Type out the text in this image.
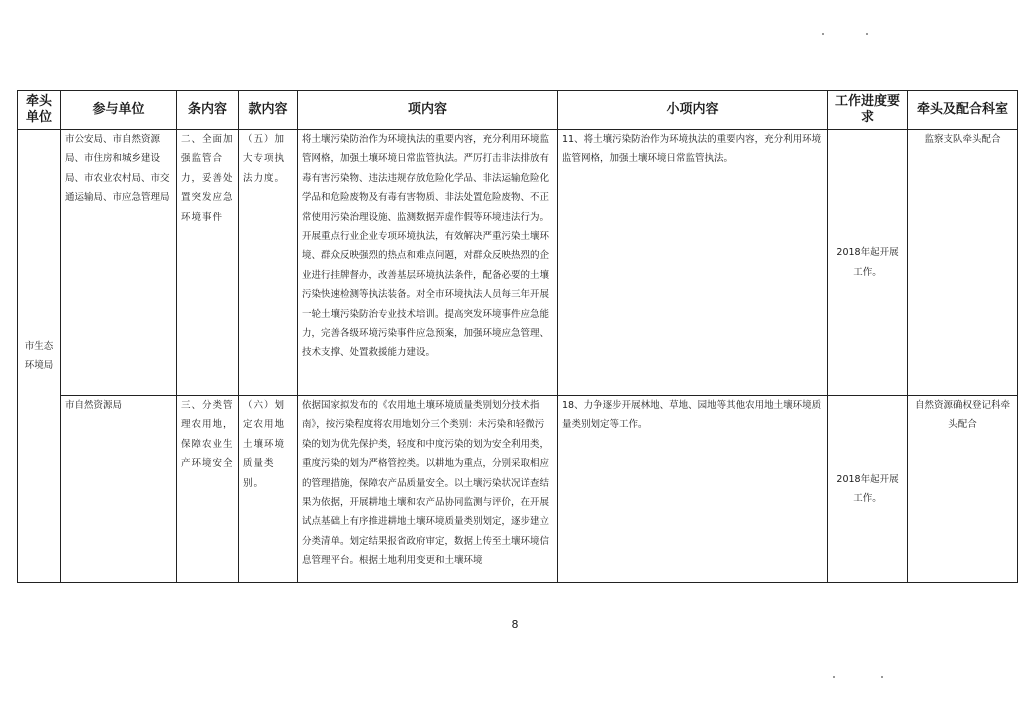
牵头单位	参与单位	条内容	款内容	项内容	小项内容	工作进度要求	牵头及配合科室
市生态环境局	市公安局、市自然资源局、市住房和城乡建设局、市农业农村局、市交通运输局、市应急管理局	二、全面加强监管合力，妥善处置突发应急环境事件	（五）加大专项执法力度。	将土壤污染防治作为环境执法的重要内容，充分利用环境监管网格，加强土壤环境日常监管执法。严厉打击非法排放有毒有害污染物、违法违规存放危险化学品、非法运输危险化学品和危险废物及有毒有害物质、非法处置危险废物、不正常使用污染治理设施、监测数据弄虚作假等环境违法行为。开展重点行业企业专项环境执法，有效解决严重污染土壤环境、群众反映强烈的热点和难点问题，对群众反映热烈的企业进行挂牌督办，改善基层环境执法条件，配备必要的土壤污染快速检测等执法装备。对全市环境执法人员每三年开展一轮土壤污染防治专业技术培训。提高突发环境事件应急能力，完善各级环境污染事件应急预案，加强环境应急管理、技术支撑、处置救援能力建设。	11、将土壤污染防治作为环境执法的重要内容，充分利用环境监管网格，加强土壤环境日常监管执法。	2018年起开展工作。	监察支队牵头配合
	市自然资源局	三、分类管理农用地，保障农业生产环境安全	（六）划定农用地土壤环境质量类别。	依据国家拟发布的《农用地土壤环境质量类别划分技术指南》，按污染程度将农用地划分三个类别：未污染和轻微污染的划为优先保护类，轻度和中度污染的划为安全利用类，重度污染的划为严格管控类。以耕地为重点，分别采取相应的管理措施，保障农产品质量安全。以土壤污染状况详查结果为依据，开展耕地土壤和农产品协同监测与评价，在开展试点基础上有序推进耕地土壤环境质量类别划定，逐步建立分类清单。划定结果报省政府审定，数据上传至土壤环境信息管理平台。根据土地利用变更和土壤环境	18、力争逐步开展林地、草地、园地等其他农用地土壤环境质量类别划定等工作。	2018年起开展工作。	自然资源确权登记科牵头配合
8
